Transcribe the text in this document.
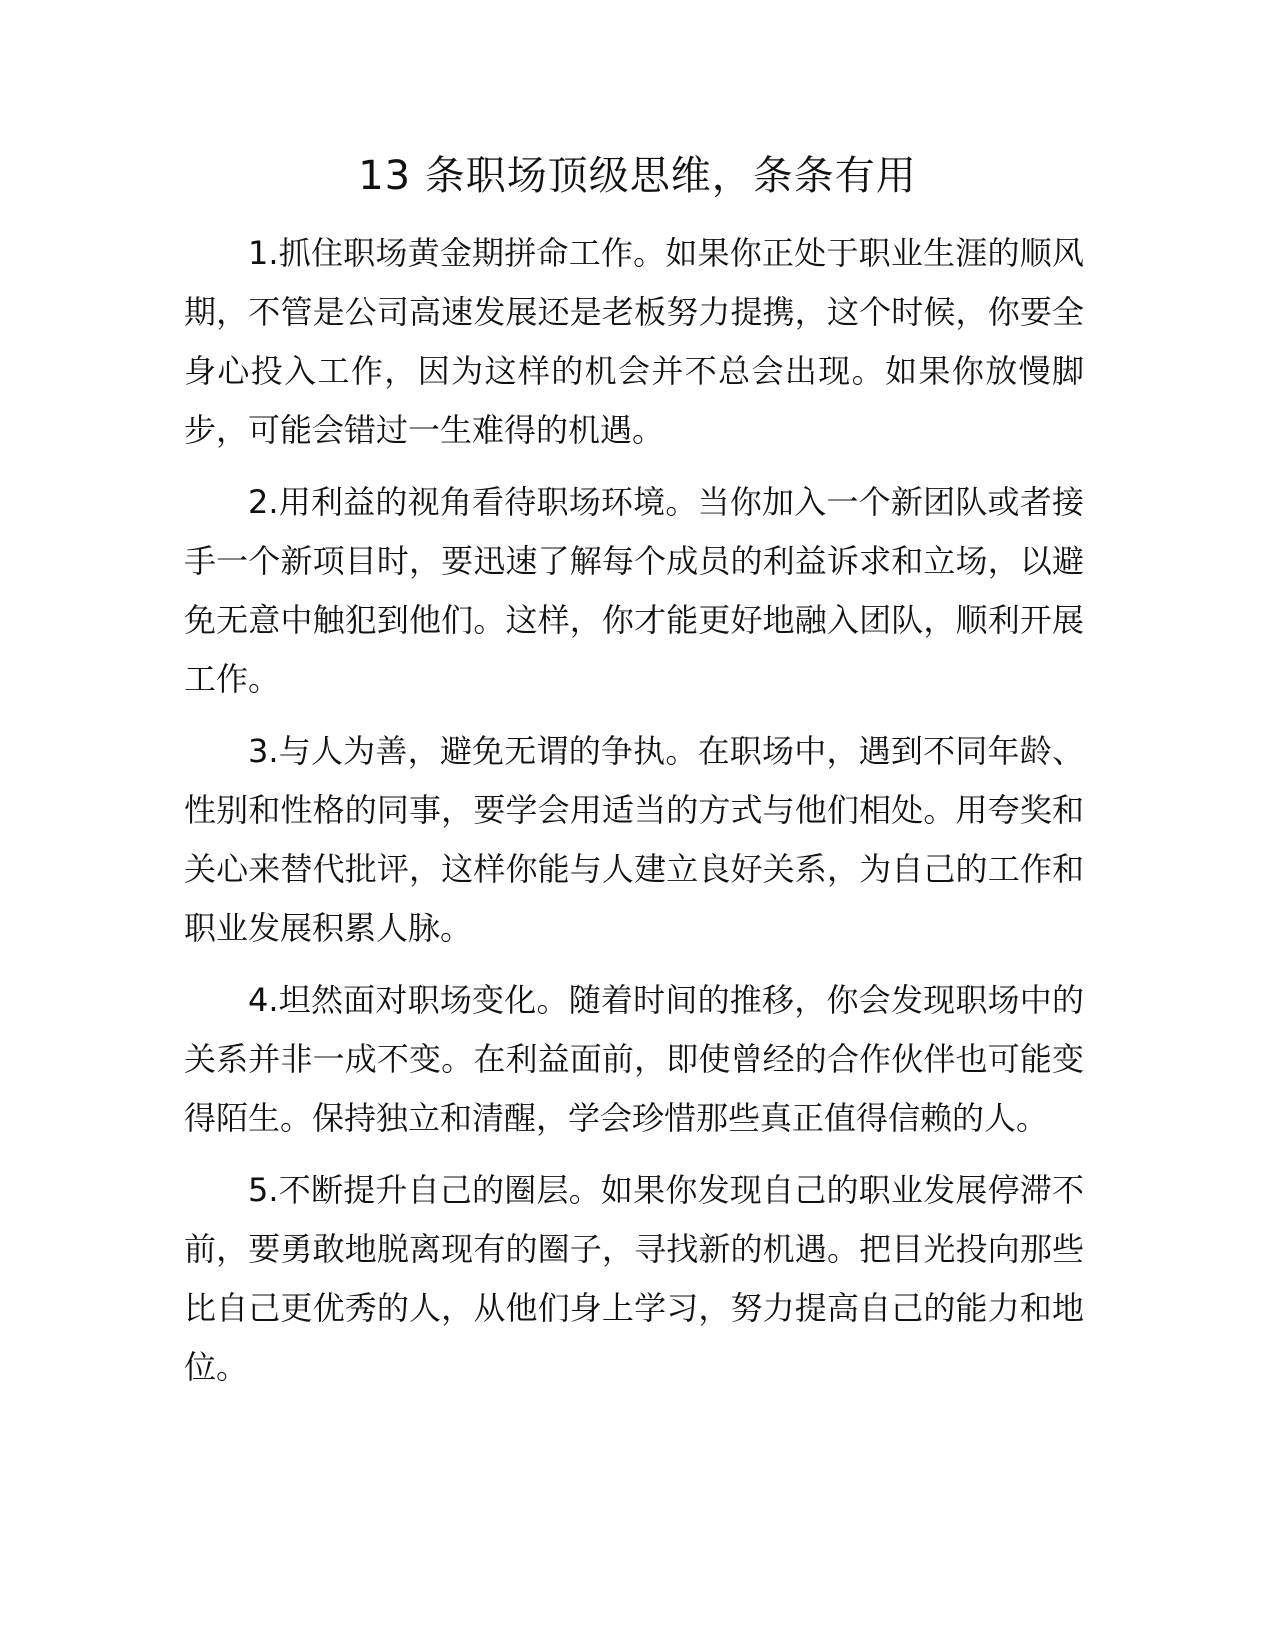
13 条职场顶级思维，条条有用

1.抓住职场黄金期拼命工作。如果你正处于职业生涯的顺风期，不管是公司高速发展还是老板努力提携，这个时候，你要全身心投入工作，因为这样的机会并不总会出现。如果你放慢脚步，可能会错过一生难得的机遇。

2.用利益的视角看待职场环境。当你加入一个新团队或者接手一个新项目时，要迅速了解每个成员的利益诉求和立场，以避免无意中触犯到他们。这样，你才能更好地融入团队，顺利开展工作。

3.与人为善，避免无谓的争执。在职场中，遇到不同年龄、性别和性格的同事，要学会用适当的方式与他们相处。用夸奖和关心来替代批评，这样你能与人建立良好关系，为自己的工作和职业发展积累人脉。

4.坦然面对职场变化。随着时间的推移，你会发现职场中的关系并非一成不变。在利益面前，即使曾经的合作伙伴也可能变得陌生。保持独立和清醒，学会珍惜那些真正值得信赖的人。

5.不断提升自己的圈层。如果你发现自己的职业发展停滞不前，要勇敢地脱离现有的圈子，寻找新的机遇。把目光投向那些比自己更优秀的人，从他们身上学习，努力提高自己的能力和地位。
